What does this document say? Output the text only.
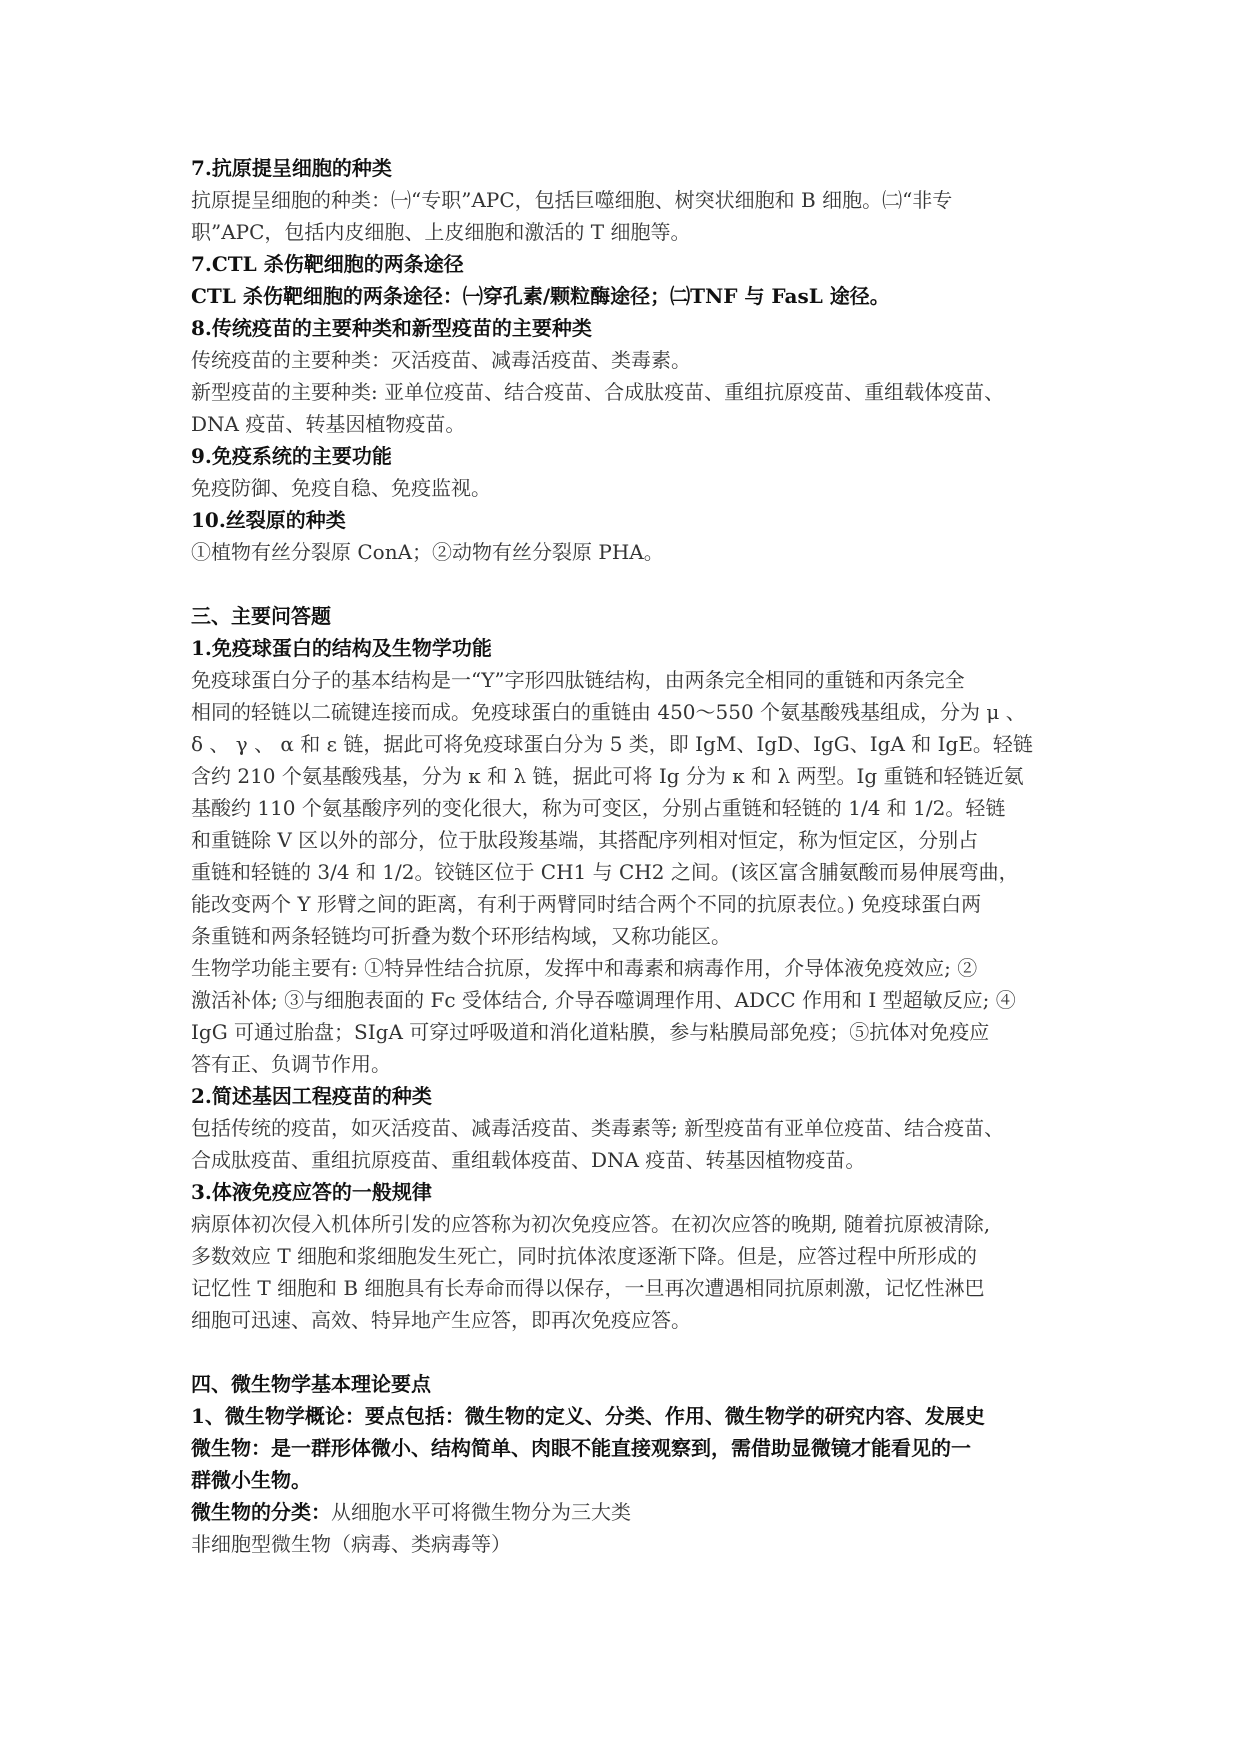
7.抗原提呈细胞的种类
抗原提呈细胞的种类：㈠“专职”APC，包括巨噬细胞、树突状细胞和 B 细胞。㈡“非专
职”APC，包括内皮细胞、上皮细胞和激活的 T 细胞等。
7.CTL 杀伤靶细胞的两条途径
CTL 杀伤靶细胞的两条途径：㈠穿孔素/颗粒酶途径；㈡TNF 与 FasL 途径。
8.传统疫苗的主要种类和新型疫苗的主要种类
传统疫苗的主要种类：灭活疫苗、减毒活疫苗、类毒素。
新型疫苗的主要种类: 亚单位疫苗、结合疫苗、合成肽疫苗、重组抗原疫苗、重组载体疫苗、
DNA 疫苗、转基因植物疫苗。
9.免疫系统的主要功能
免疫防御、免疫自稳、免疫监视。
10.丝裂原的种类
①植物有丝分裂原 ConA；②动物有丝分裂原 PHA。
三、主要问答题
1.免疫球蛋白的结构及生物学功能
免疫球蛋白分子的基本结构是一“Y”字形四肽链结构，由两条完全相同的重链和丙条完全
相同的轻链以二硫键连接而成。免疫球蛋白的重链由 450～550 个氨基酸残基组成，分为 μ 、
δ 、 γ 、 α 和 ε 链，据此可将免疫球蛋白分为 5 类，即 IgM、IgD、IgG、IgA 和 IgE。轻链
含约 210 个氨基酸残基，分为 κ 和 λ 链，据此可将 Ig 分为 κ 和 λ 两型。Ig 重链和轻链近氨
基酸约 110 个氨基酸序列的变化很大，称为可变区，分别占重链和轻链的 1/4 和 1/2。轻链
和重链除 V 区以外的部分，位于肽段羧基端，其搭配序列相对恒定，称为恒定区，分别占
重链和轻链的 3/4 和 1/2。铰链区位于 CH1 与 CH2 之间。(该区富含脯氨酸而易伸展弯曲，
能改变两个 Y 形臂之间的距离，有利于两臂同时结合两个不同的抗原表位。) 免疫球蛋白两
条重链和两条轻链均可折叠为数个环形结构域，又称功能区。
生物学功能主要有: ①特异性结合抗原，发挥中和毒素和病毒作用，介导体液免疫效应; ②
激活补体; ③与细胞表面的 Fc 受体结合, 介导吞噬调理作用、ADCC 作用和 Ⅰ 型超敏反应; ④
IgG 可通过胎盘；SIgA 可穿过呼吸道和消化道粘膜，参与粘膜局部免疫；⑤抗体对免疫应
答有正、负调节作用。
2.简述基因工程疫苗的种类
包括传统的疫苗，如灭活疫苗、减毒活疫苗、类毒素等; 新型疫苗有亚单位疫苗、结合疫苗、
合成肽疫苗、重组抗原疫苗、重组载体疫苗、DNA 疫苗、转基因植物疫苗。
3.体液免疫应答的一般规律
病原体初次侵入机体所引发的应答称为初次免疫应答。在初次应答的晚期, 随着抗原被清除,
多数效应 T 细胞和浆细胞发生死亡，同时抗体浓度逐渐下降。但是，应答过程中所形成的
记忆性 T 细胞和 B 细胞具有长寿命而得以保存，一旦再次遭遇相同抗原刺激，记忆性淋巴
细胞可迅速、高效、特异地产生应答，即再次免疫应答。
四、微生物学基本理论要点
1、微生物学概论：要点包括：微生物的定义、分类、作用、微生物学的研究内容、发展史
微生物：是一群形体微小、结构简单、肉眼不能直接观察到，需借助显微镜才能看见的一
群微小生物。
微生物的分类：从细胞水平可将微生物分为三大类
非细胞型微生物（病毒、类病毒等）
